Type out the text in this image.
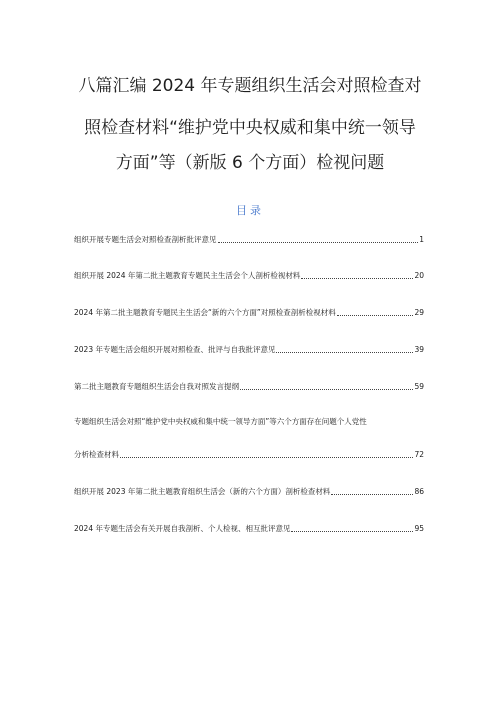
八篇汇编 2024 年专题组织生活会对照检查对
照检查材料“维护党中央权威和集中统一领导
方面”等（新版 6 个方面）检视问题
目录
组织开展专题生活会对照检查剖析批评意见	1
组织开展 2024 年第二批主题教育专题民主生活会个人剖析检视材料	20
2024 年第二批主题教育专题民主生活会“新的六个方面”对照检查剖析检视材料	29
2023 年专题生活会组织开展对照检查、批评与自我批评意见	39
第二批主题教育专题组织生活会自我对照发言提纲	59
专题组织生活会对照“维护党中央权威和集中统一领导方面”等六个方面存在问题个人党性
分析检查材料	72
组织开展 2023 年第二批主题教育组织生活会（新的六个方面）剖析检查材料	86
2024 年专题生活会有关开展自我剖析、个人检视、相互批评意见	95
